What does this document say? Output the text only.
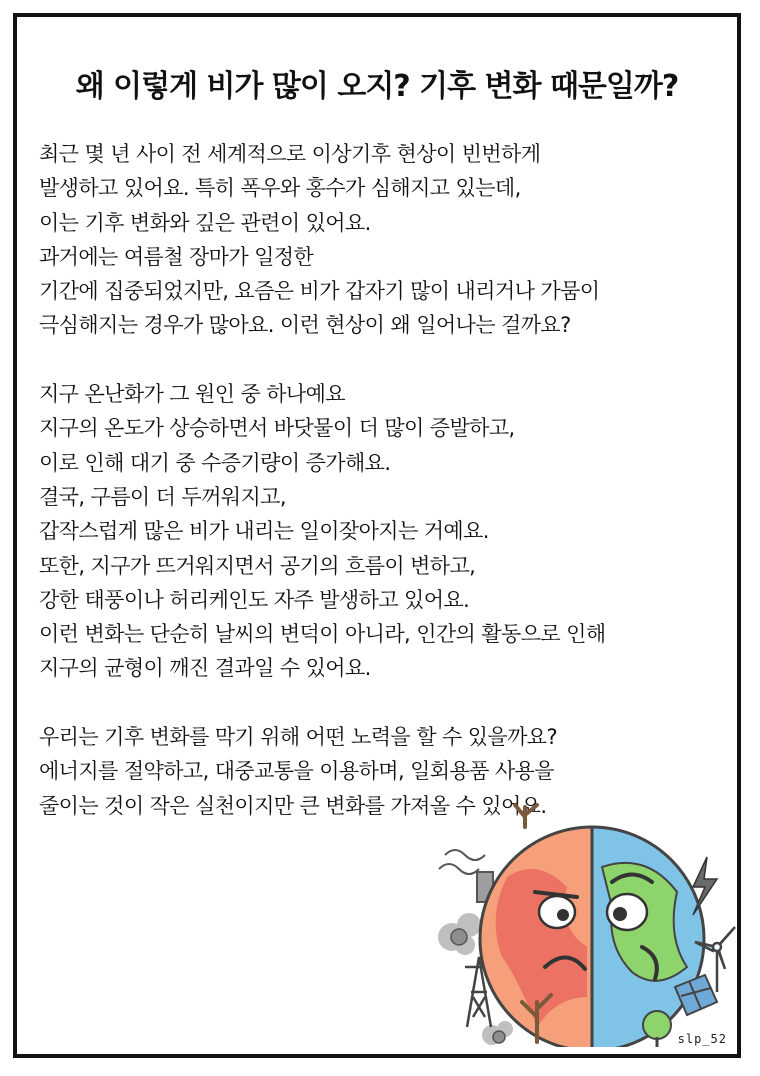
왜 이렇게 비가 많이 오지? 기후 변화 때문일까?
최근 몇 년 사이 전 세계적으로 이상기후 현상이 빈번하게
발생하고 있어요. 특히 폭우와 홍수가 심해지고 있는데,
이는 기후 변화와 깊은 관련이 있어요.
과거에는 여름철 장마가 일정한
기간에 집중되었지만, 요즘은 비가 갑자기 많이 내리거나 가뭄이
극심해지는 경우가 많아요. 이런 현상이 왜 일어나는 걸까요?
지구 온난화가 그 원인 중 하나예요
지구의 온도가 상승하면서 바닷물이 더 많이 증발하고,
이로 인해 대기 중 수증기량이 증가해요.
결국, 구름이 더 두꺼워지고,
갑작스럽게 많은 비가 내리는 일이잦아지는 거예요.
또한, 지구가 뜨거워지면서 공기의 흐름이 변하고,
강한 태풍이나 허리케인도 자주 발생하고 있어요.
이런 변화는 단순히 날씨의 변덕이 아니라, 인간의 활동으로 인해
지구의 균형이 깨진 결과일 수 있어요.
우리는 기후 변화를 막기 위해 어떤 노력을 할 수 있을까요?
에너지를 절약하고, 대중교통을 이용하며, 일회용품 사용을
줄이는 것이 작은 실천이지만 큰 변화를 가져올 수 있어요.
slp_52
